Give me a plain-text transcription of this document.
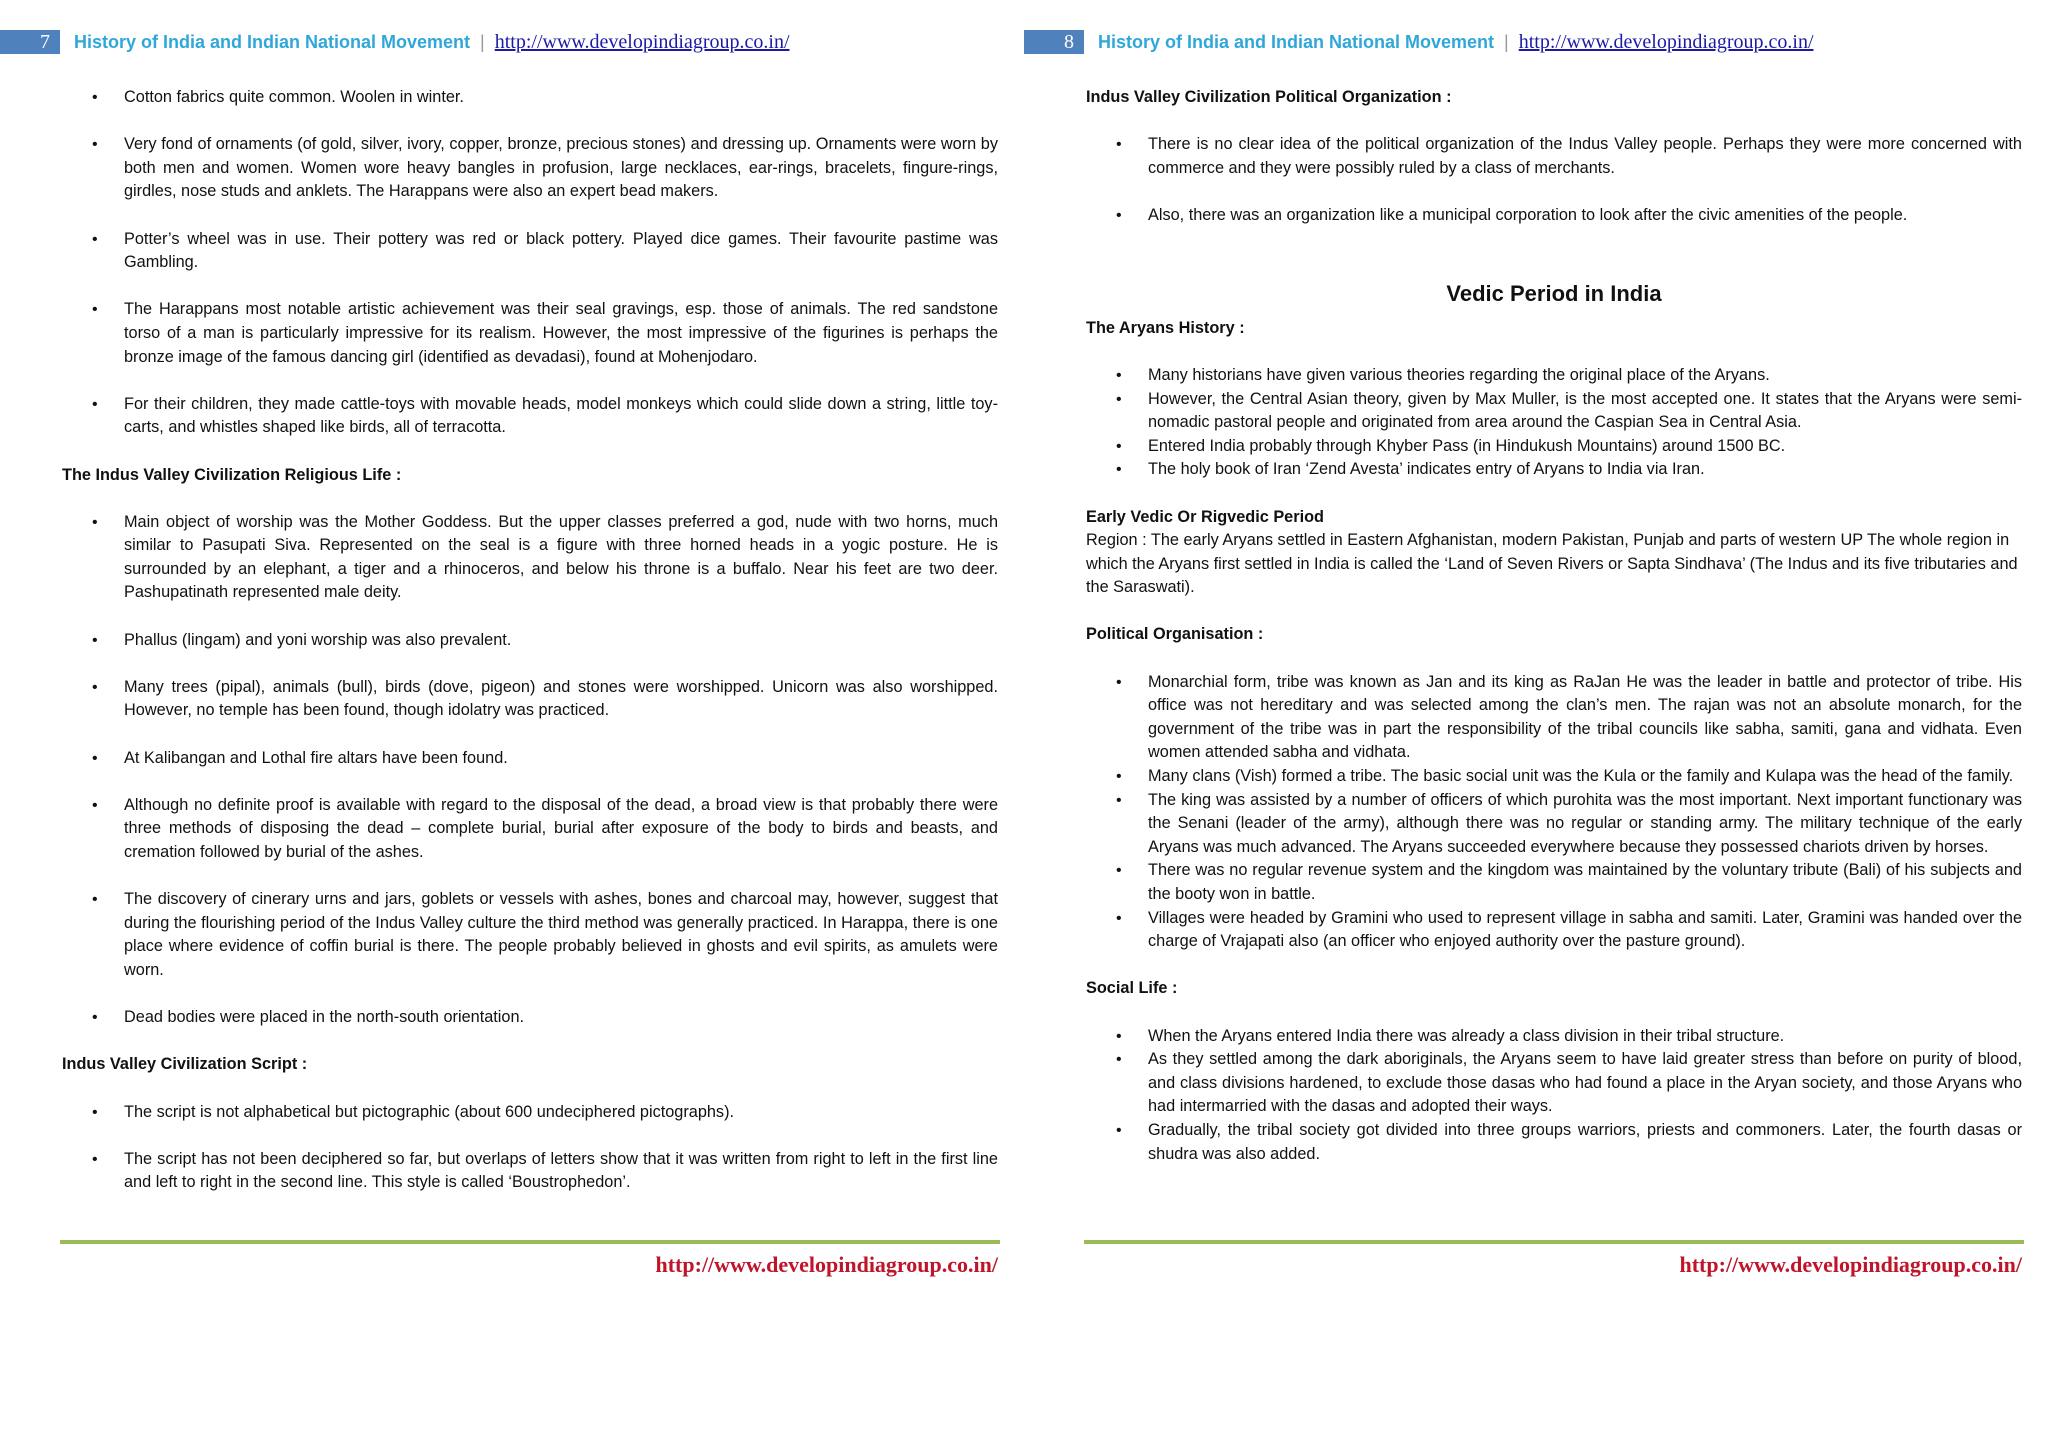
7	History of India and Indian National Movement | http://www.developindiagroup.co.in/
• Cotton fabrics quite common. Woolen in winter.
• Very fond of ornaments (of gold, silver, ivory, copper, bronze, precious stones) and dressing up. Ornaments were worn by both men and women. Women wore heavy bangles in profusion, large necklaces, ear-rings, bracelets, fingure-rings, girdles, nose studs and anklets. The Harappans were also an expert bead makers.
• Potter’s wheel was in use. Their pottery was red or black pottery. Played dice games. Their favourite pastime was Gambling.
• The Harappans most notable artistic achievement was their seal gravings, esp. those of animals. The red sandstone torso of a man is particularly impressive for its realism. However, the most impressive of the figurines is perhaps the bronze image of the famous dancing girl (identified as devadasi), found at Mohenjodaro.
• For their children, they made cattle-toys with movable heads, model monkeys which could slide down a string, little toy-carts, and whistles shaped like birds, all of terracotta.

The Indus Valley Civilization Religious Life :

• Main object of worship was the Mother Goddess. But the upper classes preferred a god, nude with two horns, much similar to Pasupati Siva. Represented on the seal is a figure with three horned heads in a yogic posture. He is surrounded by an elephant, a tiger and a rhinoceros, and below his throne is a buffalo. Near his feet are two deer. Pashupatinath represented male deity.
• Phallus (lingam) and yoni worship was also prevalent.
• Many trees (pipal), animals (bull), birds (dove, pigeon) and stones were worshipped. Unicorn was also worshipped. However, no temple has been found, though idolatry was practiced.
• At Kalibangan and Lothal fire altars have been found.
• Although no definite proof is available with regard to the disposal of the dead, a broad view is that probably there were three methods of disposing the dead – complete burial, burial after exposure of the body to birds and beasts, and cremation followed by burial of the ashes.
• The discovery of cinerary urns and jars, goblets or vessels with ashes, bones and charcoal may, however, suggest that during the flourishing period of the Indus Valley culture the third method was generally practiced. In Harappa, there is one place where evidence of coffin burial is there. The people probably believed in ghosts and evil spirits, as amulets were worn.
• Dead bodies were placed in the north-south orientation.

Indus Valley Civilization Script :

• The script is not alphabetical but pictographic (about 600 undeciphered pictographs).
• The script has not been deciphered so far, but overlaps of letters show that it was written from right to left in the first line and left to right in the second line. This style is called ‘Boustrophedon’.
http://www.developindiagroup.co.in/
8	History of India and Indian National Movement | http://www.developindiagroup.co.in/

Indus Valley Civilization Political Organization :

• There is no clear idea of the political organization of the Indus Valley people. Perhaps they were more concerned with commerce and they were possibly ruled by a class of merchants.
• Also, there was an organization like a municipal corporation to look after the civic amenities of the people.

Vedic Period in India

The Aryans History :

• Many historians have given various theories regarding the original place of the Aryans.
• However, the Central Asian theory, given by Max Muller, is the most accepted one. It states that the Aryans were semi-nomadic pastoral people and originated from area around the Caspian Sea in Central Asia.
• Entered India probably through Khyber Pass (in Hindukush Mountains) around 1500 BC.
• The holy book of Iran ‘Zend Avesta’ indicates entry of Aryans to India via Iran.

Early Vedic Or Rigvedic Period

Region : The early Aryans settled in Eastern Afghanistan, modern Pakistan, Punjab and parts of western UP The whole region in which the Aryans first settled in India is called the ‘Land of Seven Rivers or Sapta Sindhava’ (The Indus and its five tributaries and the Saraswati).

Political Organisation :

• Monarchial form, tribe was known as Jan and its king as RaJan He was the leader in battle and protector of tribe. His office was not hereditary and was selected among the clan’s men. The rajan was not an absolute monarch, for the government of the tribe was in part the responsibility of the tribal councils like sabha, samiti, gana and vidhata. Even women attended sabha and vidhata.
• Many clans (Vish) formed a tribe. The basic social unit was the Kula or the family and Kulapa was the head of the family.
• The king was assisted by a number of officers of which purohita was the most important. Next important functionary was the Senani (leader of the army), although there was no regular or standing army. The military technique of the early Aryans was much advanced. The Aryans succeeded everywhere because they possessed chariots driven by horses.
• There was no regular revenue system and the kingdom was maintained by the voluntary tribute (Bali) of his subjects and the booty won in battle.
• Villages were headed by Gramini who used to represent village in sabha and samiti. Later, Gramini was handed over the charge of Vrajapati also (an officer who enjoyed authority over the pasture ground).

Social Life :

• When the Aryans entered India there was already a class division in their tribal structure.
• As they settled among the dark aboriginals, the Aryans seem to have laid greater stress than before on purity of blood, and class divisions hardened, to exclude those dasas who had found a place in the Aryan society, and those Aryans who had intermarried with the dasas and adopted their ways.
• Gradually, the tribal society got divided into three groups warriors, priests and commoners. Later, the fourth dasas or shudra was also added.
http://www.developindiagroup.co.in/
